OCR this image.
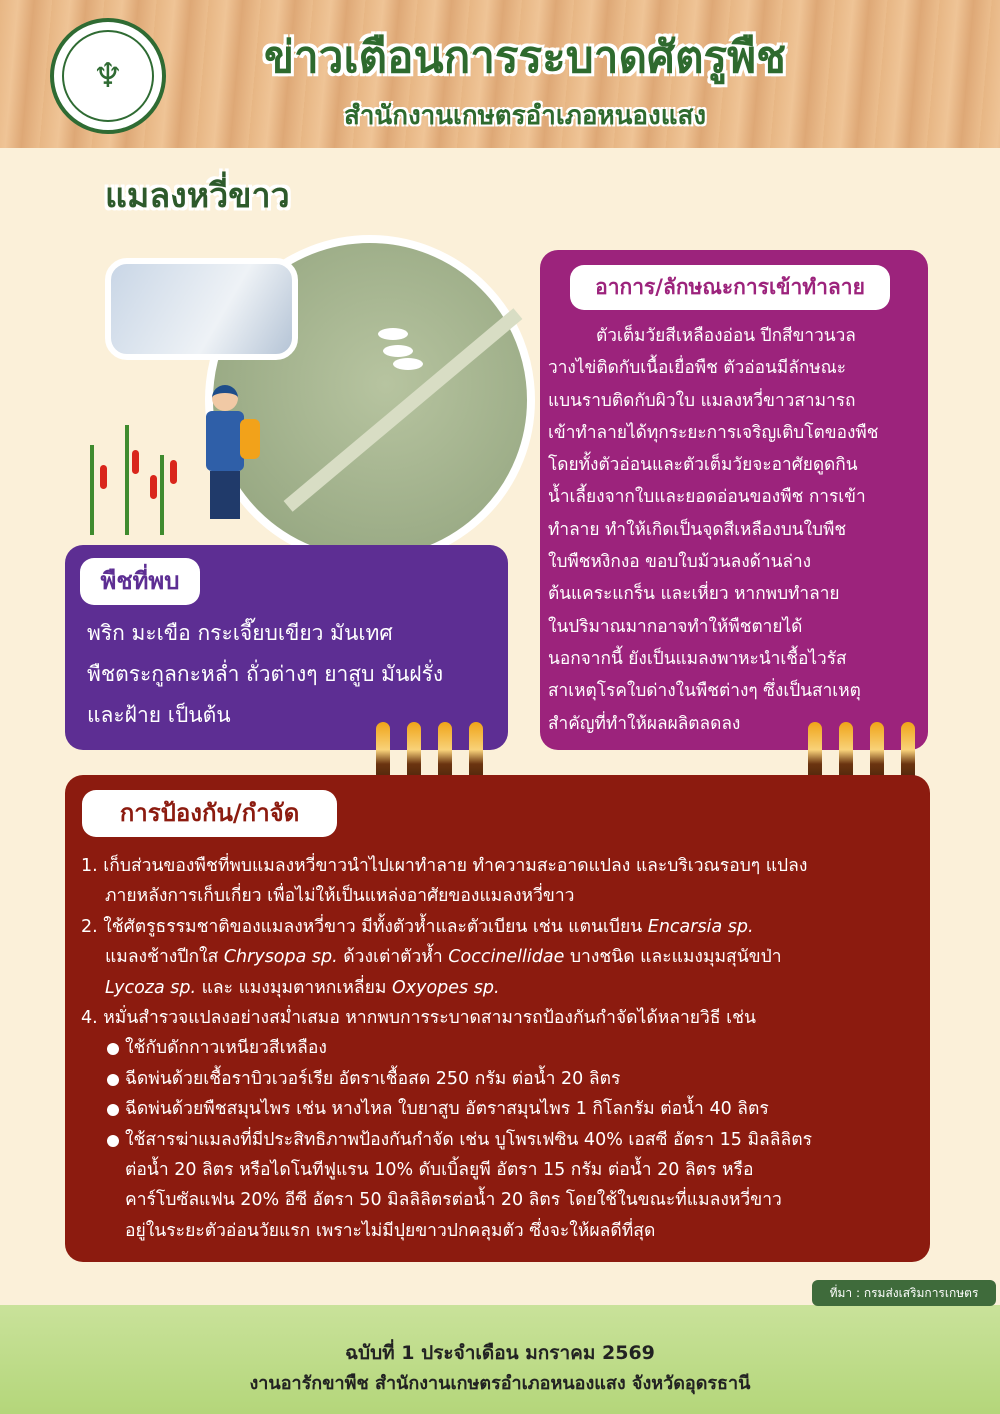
♆	ข่าวเตือนการระบาดศัตรูพืช
สำนักงานเกษตรอำเภอหนองแสง
แมลงหวี่ขาว
พืชที่พบ
พริก มะเขือ กระเจี๊ยบเขียว มันเทศ
พืชตระกูลกะหล่ำ ถั่วต่างๆ ยาสูบ มันฝรั่ง
และฝ้าย เป็นต้น
อาการ/ลักษณะการเข้าทำลาย
ตัวเต็มวัยสีเหลืองอ่อน ปีกสีขาวนวล
วางไข่ติดกับเนื้อเยื่อพืช ตัวอ่อนมีลักษณะ
แบนราบติดกับผิวใบ แมลงหวี่ขาวสามารถ
เข้าทำลายได้ทุกระยะการเจริญเติบโตของพืช
โดยทั้งตัวอ่อนและตัวเต็มวัยจะอาศัยดูดกิน
น้ำเลี้ยงจากใบและยอดอ่อนของพืช การเข้า
ทำลาย ทำให้เกิดเป็นจุดสีเหลืองบนใบพืช
ใบพืชหงิกงอ ขอบใบม้วนลงด้านล่าง
ต้นแคระแกร็น และเหี่ยว หากพบทำลาย
ในปริมาณมากอาจทำให้พืชตายได้
นอกจากนี้ ยังเป็นแมลงพาหะนำเชื้อไวรัส
สาเหตุโรคใบด่างในพืชต่างๆ ซึ่งเป็นสาเหตุ
สำคัญที่ทำให้ผลผลิตลดลง
การป้องกัน/กำจัด
1. เก็บส่วนของพืชที่พบแมลงหวี่ขาวนำไปเผาทำลาย ทำความสะอาดแปลง และบริเวณรอบๆ แปลง
ภายหลังการเก็บเกี่ยว เพื่อไม่ให้เป็นแหล่งอาศัยของแมลงหวี่ขาว
2. ใช้ศัตรูธรรมชาติของแมลงหวี่ขาว มีทั้งตัวห้ำและตัวเบียน เช่น แตนเบียน Encarsia sp.
แมลงช้างปีกใส Chrysopa sp. ด้วงเต่าตัวห้ำ Coccinellidae บางชนิด และแมงมุมสุนัขป่า
Lycoza sp. และ แมงมุมตาหกเหลี่ยม Oxyopes sp.
4. หมั่นสำรวจแปลงอย่างสม่ำเสมอ หากพบการระบาดสามารถป้องกันกำจัดได้หลายวิธี เช่น
ใช้กับดักกาวเหนียวสีเหลือง
ฉีดพ่นด้วยเชื้อราบิวเวอร์เรีย อัตราเชื้อสด 250 กรัม ต่อน้ำ 20 ลิตร
ฉีดพ่นด้วยพืชสมุนไพร เช่น หางไหล ใบยาสูบ อัตราสมุนไพร 1 กิโลกรัม ต่อน้ำ 40 ลิตร
ใช้สารฆ่าแมลงที่มีประสิทธิภาพป้องกันกำจัด เช่น บูโพรเฟซิน 40% เอสซี อัตรา 15 มิลลิลิตร
ต่อน้ำ 20 ลิตร หรือไดโนทีฟูแรน 10% ดับเบิ้ลยูพี อัตรา 15 กรัม ต่อน้ำ 20 ลิตร หรือ
คาร์โบซัลแฟน 20% อีซี อัตรา 50 มิลลิลิตรต่อน้ำ 20 ลิตร โดยใช้ในขณะที่แมลงหวี่ขาว
อยู่ในระยะตัวอ่อนวัยแรก เพราะไม่มีปุยขาวปกคลุมตัว ซึ่งจะให้ผลดีที่สุด
ที่มา : กรมส่งเสริมการเกษตร
ฉบับที่ 1 ประจำเดือน มกราคม 2569
งานอารักขาพืช สำนักงานเกษตรอำเภอหนองแสง จังหวัดอุดรธานี
